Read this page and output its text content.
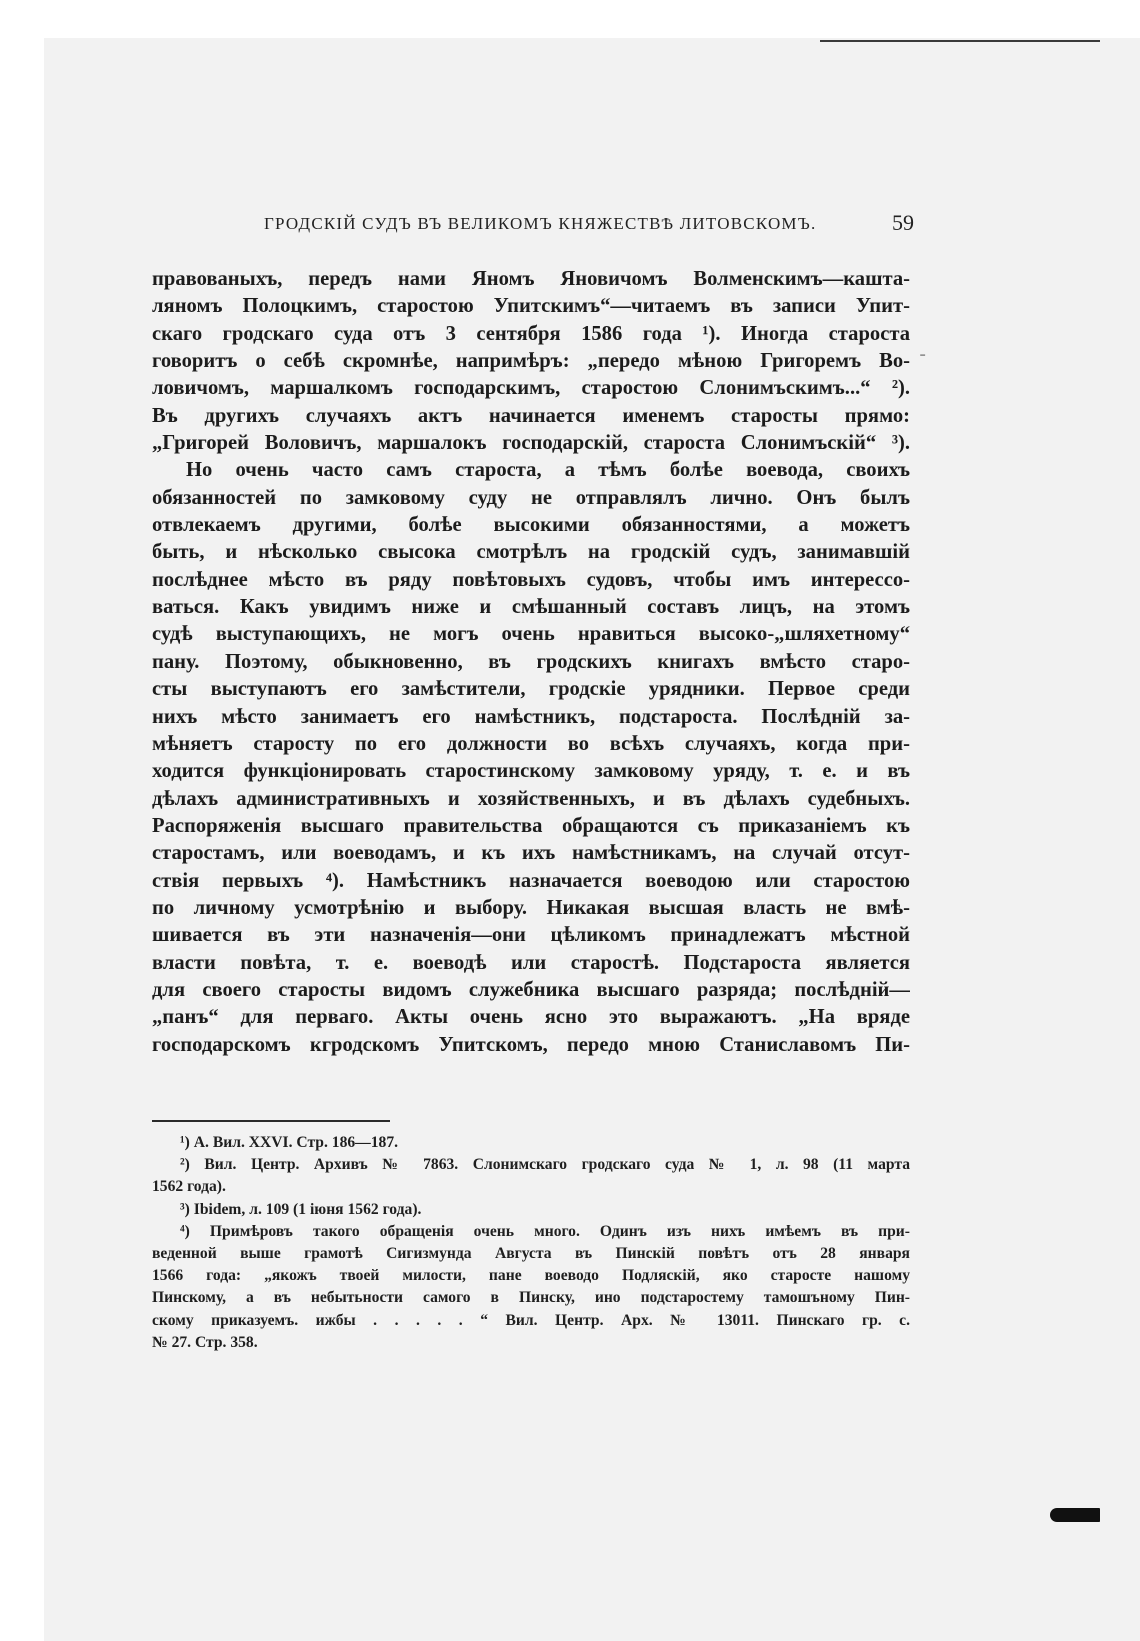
ГРОДСКІЙ СУДЪ ВЪ ВЕЛИКОМЪ КНЯЖЕСТВѢ ЛИТОВСКОМЪ.	59
˗
правованыхъ, передъ нами Яномъ Яновичомъ Волменскимъ—кашта-
ляномъ Полоцкимъ, старостою Упитскимъ“—читаемъ въ записи Упит-
скаго гродскаго суда отъ 3 сентября 1586 года ¹). Иногда староста
говоритъ о себѣ скромнѣе, напримѣръ: „передо мѣною Григоремъ Во-
ловичомъ, маршалкомъ господарскимъ, старостою Слонимъскимъ...“ ²).
Въ другихъ случаяхъ актъ начинается именемъ старосты прямо:
„Григорей Воловичъ, маршалокъ господарскій, староста Слонимъскій“ ³).
Но очень часто самъ староста, а тѣмъ болѣе воевода, своихъ
обязанностей по замковому суду не отправлялъ лично. Онъ былъ
отвлекаемъ другими, болѣе высокими обязанностями, а можетъ
быть, и нѣсколько свысока смотрѣлъ на гродскій судъ, занимавшій
послѣднее мѣсто въ ряду повѣтовыхъ судовъ, чтобы имъ интерессо-
ваться. Какъ увидимъ ниже и смѣшанный составъ лицъ, на этомъ
судѣ выступающихъ, не могъ очень нравиться высоко-„шляхетному“
пану. Поэтому, обыкновенно, въ гродскихъ книгахъ вмѣсто старо-
сты выступаютъ его замѣстители, гродскіе урядники. Первое среди
нихъ мѣсто занимаетъ его намѣстникъ, подстароста. Послѣдній за-
мѣняетъ старосту по его должности во всѣхъ случаяхъ, когда при-
ходится функціонировать старостинскому замковому уряду, т. е. и въ
дѣлахъ административныхъ и хозяйственныхъ, и въ дѣлахъ судебныхъ.
Распоряженія высшаго правительства обращаются съ приказаніемъ къ
старостамъ, или воеводамъ, и къ ихъ намѣстникамъ, на случай отсут-
ствія первыхъ ⁴). Намѣстникъ назначается воеводою или старостою
по личному усмотрѣнію и выбору. Никакая высшая власть не вмѣ-
шивается въ эти назначенія—они цѣликомъ принадлежатъ мѣстной
власти повѣта, т. е. воеводѣ или старостѣ. Подстароста является
для своего старосты видомъ служебника высшаго разряда; послѣдній—
„панъ“ для перваго. Акты очень ясно это выражаютъ. „На врядe
господарскомъ кгродскомъ Упитскомъ, передо мною Станиславомъ Пи-
¹) А. Вил. XXVI. Стр. 186—187.
²) Вил. Центр. Архивъ № 7863. Слонимскаго гродскаго суда № 1, л. 98 (11 марта
1562 года).
³) Ibidem, л. 109 (1 іюня 1562 года).
⁴) Примѣровъ такого обращенія очень много. Одинъ изъ нихъ имѣемъ въ при-
веденной выше грамотѣ Сигизмунда Августа въ Пинскій повѣтъ отъ 28 января
1566 года: „якожъ твоей милости, пане воеводо Подляскій, яко старосте нашому
Пинскому, а въ небытьности самого в Пинску, ино подстаростему тамошъному Пин-
скому приказуемъ. ижбы . . . . . “ Вил. Центр. Арх. № 13011. Пинскаго гр. с.
№ 27. Стр. 358.
